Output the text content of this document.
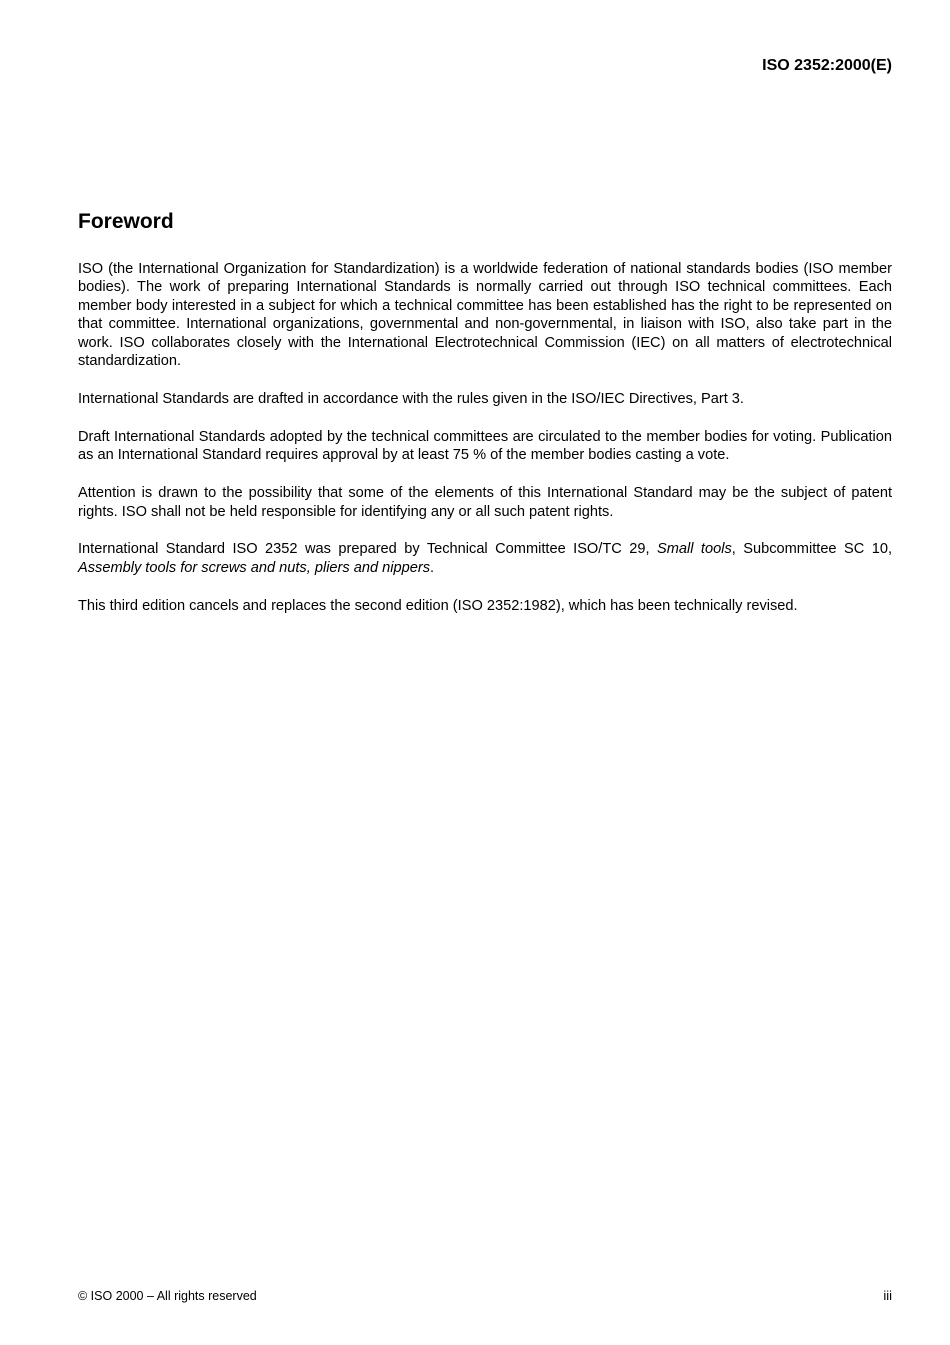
ISO 2352:2000(E)
Foreword

ISO (the International Organization for Standardization) is a worldwide federation of national standards bodies (ISO member bodies). The work of preparing International Standards is normally carried out through ISO technical committees. Each member body interested in a subject for which a technical committee has been established has the right to be represented on that committee. International organizations, governmental and non-governmental, in liaison with ISO, also take part in the work. ISO collaborates closely with the International Electrotechnical Commission (IEC) on all matters of electrotechnical standardization.

International Standards are drafted in accordance with the rules given in the ISO/IEC Directives, Part 3.

Draft International Standards adopted by the technical committees are circulated to the member bodies for voting. Publication as an International Standard requires approval by at least 75 % of the member bodies casting a vote.

Attention is drawn to the possibility that some of the elements of this International Standard may be the subject of patent rights. ISO shall not be held responsible for identifying any or all such patent rights.

International Standard ISO 2352 was prepared by Technical Committee ISO/TC 29, Small tools, Subcommittee SC 10, Assembly tools for screws and nuts, pliers and nippers.

This third edition cancels and replaces the second edition (ISO 2352:1982), which has been technically revised.

© ISO 2000 – All rights reserved	iii
